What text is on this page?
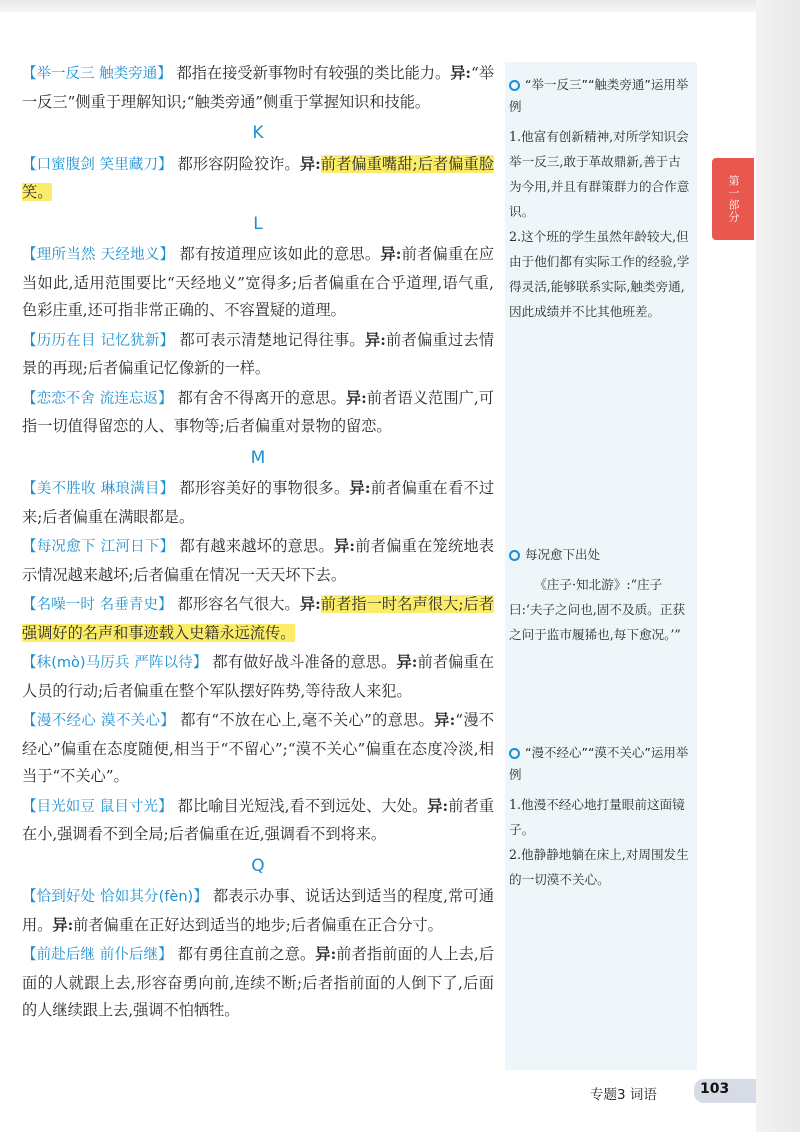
【举一反三 触类旁通】 都指在接受新事物时有较强的类比能力。异:“举一反三”侧重于理解知识;“触类旁通”侧重于掌握知识和技能。
K
【口蜜腹剑 笑里藏刀】 都形容阴险狡诈。异:前者偏重嘴甜;后者偏重脸笑。
L
【理所当然 天经地义】 都有按道理应该如此的意思。异:前者偏重在应当如此,适用范围要比“天经地义”宽得多;后者偏重在合乎道理,语气重,色彩庄重,还可指非常正确的、不容置疑的道理。
【历历在目 记忆犹新】 都可表示清楚地记得往事。异:前者偏重过去情景的再现;后者偏重记忆像新的一样。
【恋恋不舍 流连忘返】 都有舍不得离开的意思。异:前者语义范围广,可指一切值得留恋的人、事物等;后者偏重对景物的留恋。
M
【美不胜收 琳琅满目】 都形容美好的事物很多。异:前者偏重在看不过来;后者偏重在满眼都是。
【每况愈下 江河日下】 都有越来越坏的意思。异:前者偏重在笼统地表示情况越来越坏;后者偏重在情况一天天坏下去。
【名噪一时 名垂青史】 都形容名气很大。异:前者指一时名声很大;后者强调好的名声和事迹载入史籍永远流传。
【秣(mò)马厉兵 严阵以待】 都有做好战斗准备的意思。异:前者偏重在人员的行动;后者偏重在整个军队摆好阵势,等待敌人来犯。
【漫不经心 漠不关心】 都有“不放在心上,毫不关心”的意思。异:“漫不经心”偏重在态度随便,相当于“不留心”;“漠不关心”偏重在态度冷淡,相当于“不关心”。
【目光如豆 鼠目寸光】 都比喻目光短浅,看不到远处、大处。异:前者重在小,强调看不到全局;后者偏重在近,强调看不到将来。
Q
【恰到好处 恰如其分(fèn)】 都表示办事、说话达到适当的程度,常可通用。异:前者偏重在正好达到适当的地步;后者偏重在正合分寸。
【前赴后继 前仆后继】 都有勇往直前之意。异:前者指前面的人上去,后面的人就跟上去,形容奋勇向前,连续不断;后者指前面的人倒下了,后面的人继续跟上去,强调不怕牺牲。
“举一反三”“触类旁通”运用举例
1.他富有创新精神,对所学知识会举一反三,敢于革故鼎新,善于古为今用,并且有群策群力的合作意识。
2.这个班的学生虽然年龄较大,但由于他们都有实际工作的经验,学得灵活,能够联系实际,触类旁通,因此成绩并不比其他班差。
每况愈下出处
《庄子·知北游》:“庄子曰:‘夫子之问也,固不及质。正获之问于监市履狶也,每下愈况。’”
“漫不经心”“漠不关心”运用举例
1.他漫不经心地打量眼前这面镜子。
2.他静静地躺在床上,对周围发生的一切漠不关心。
第一部分
专题3 词语	103
